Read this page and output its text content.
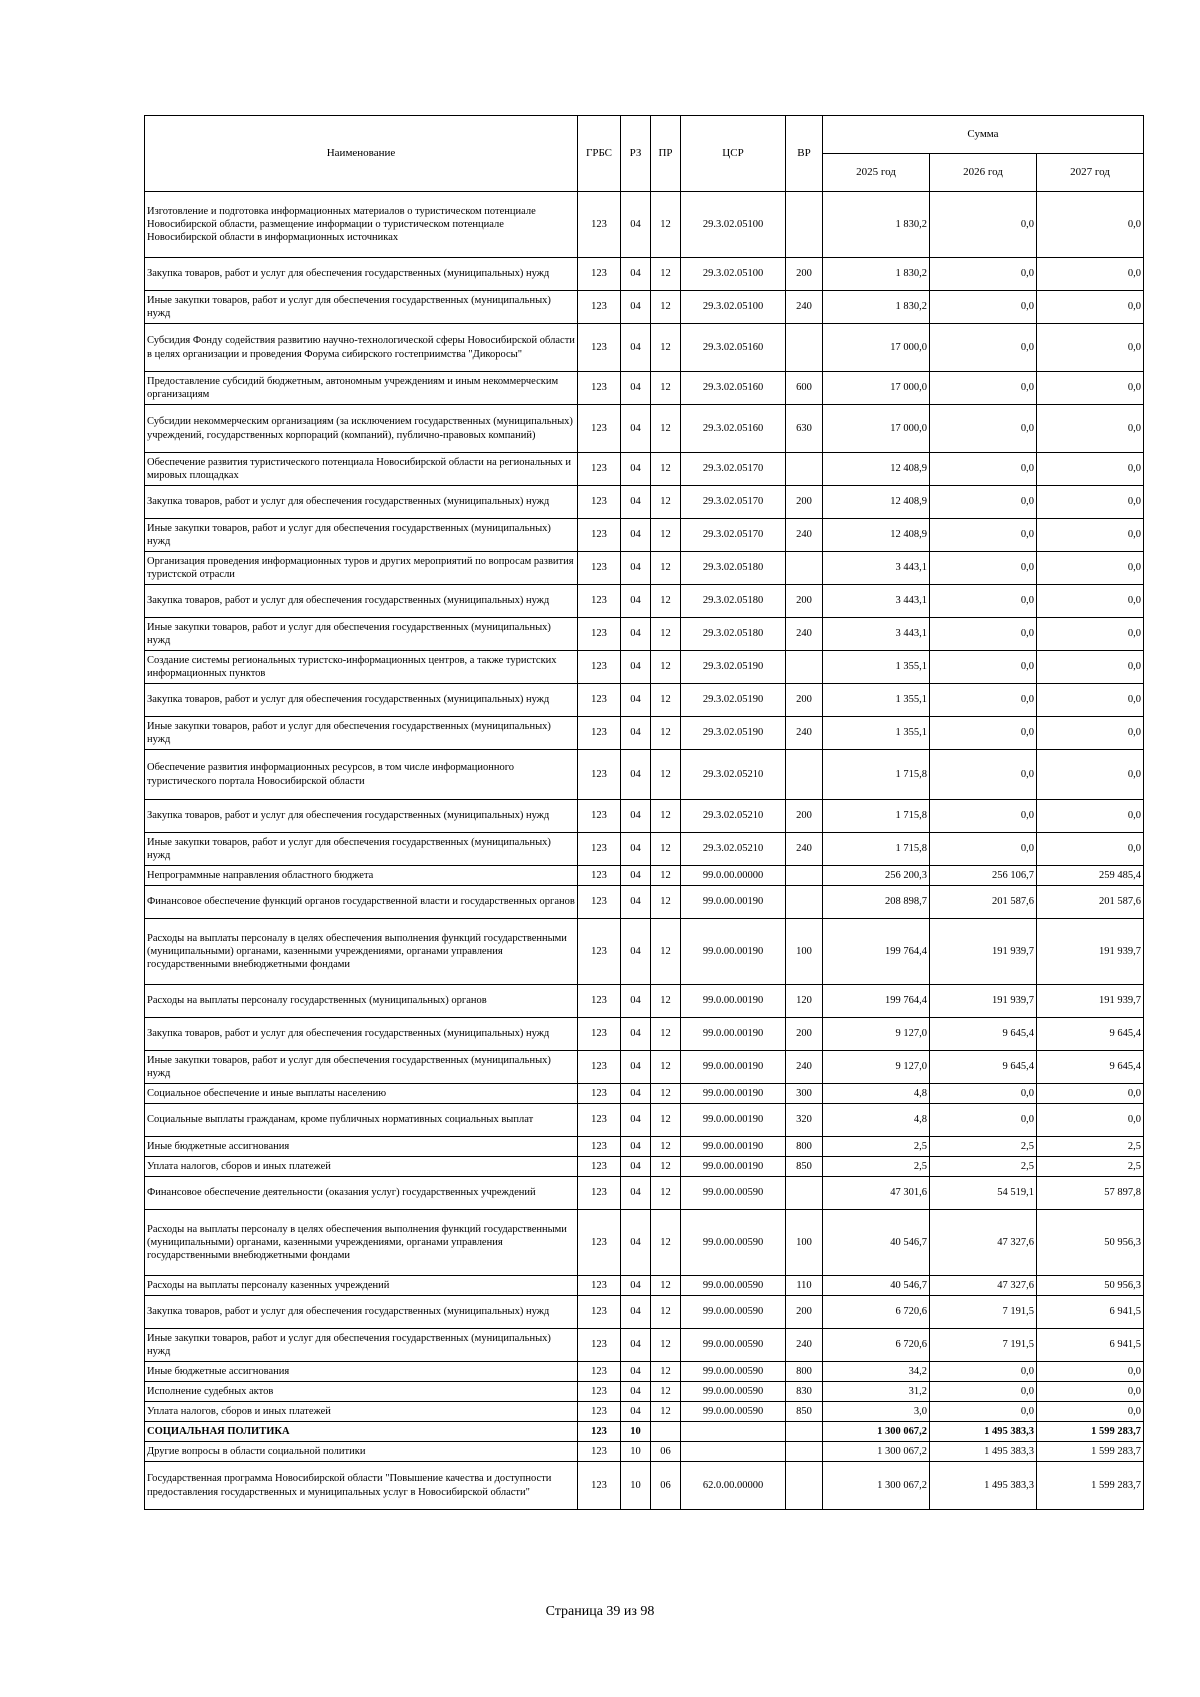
Наименование	ГРБС	РЗ	ПР	ЦСР	ВР	Сумма		
						2025 год	2026 год	2027 год
Изготовление и подготовка информационных материалов о туристическом потенциале Новосибирской области, размещение информации о туристическом потенциале Новосибирской области в информационных источниках	123	04	12	29.3.02.05100		1 830,2	0,0	0,0
Закупка товаров, работ и услуг для обеспечения государственных (муниципальных) нужд	123	04	12	29.3.02.05100	200	1 830,2	0,0	0,0
Иные закупки товаров, работ и услуг для обеспечения государственных (муниципальных) нужд	123	04	12	29.3.02.05100	240	1 830,2	0,0	0,0
Субсидия Фонду содействия развитию научно-технологической сферы Новосибирской области в целях организации и проведения Форума сибирского гостеприимства "Дикоросы"	123	04	12	29.3.02.05160		17 000,0	0,0	0,0
Предоставление субсидий бюджетным, автономным учреждениям и иным некоммерческим организациям	123	04	12	29.3.02.05160	600	17 000,0	0,0	0,0
Субсидии некоммерческим организациям (за исключением государственных (муниципальных) учреждений, государственных корпораций (компаний), публично-правовых компаний)	123	04	12	29.3.02.05160	630	17 000,0	0,0	0,0
Обеспечение развития туристического потенциала Новосибирской области на региональных и мировых площадках	123	04	12	29.3.02.05170		12 408,9	0,0	0,0
Закупка товаров, работ и услуг для обеспечения государственных (муниципальных) нужд	123	04	12	29.3.02.05170	200	12 408,9	0,0	0,0
Иные закупки товаров, работ и услуг для обеспечения государственных (муниципальных) нужд	123	04	12	29.3.02.05170	240	12 408,9	0,0	0,0
Организация проведения информационных туров и других мероприятий по вопросам развития туристской отрасли	123	04	12	29.3.02.05180		3 443,1	0,0	0,0
Закупка товаров, работ и услуг для обеспечения государственных (муниципальных) нужд	123	04	12	29.3.02.05180	200	3 443,1	0,0	0,0
Иные закупки товаров, работ и услуг для обеспечения государственных (муниципальных) нужд	123	04	12	29.3.02.05180	240	3 443,1	0,0	0,0
Создание системы региональных туристско-информационных центров, а также туристских информационных пунктов	123	04	12	29.3.02.05190		1 355,1	0,0	0,0
Закупка товаров, работ и услуг для обеспечения государственных (муниципальных) нужд	123	04	12	29.3.02.05190	200	1 355,1	0,0	0,0
Иные закупки товаров, работ и услуг для обеспечения государственных (муниципальных) нужд	123	04	12	29.3.02.05190	240	1 355,1	0,0	0,0
Обеспечение развития информационных ресурсов, в том числе информационного туристического портала Новосибирской области	123	04	12	29.3.02.05210		1 715,8	0,0	0,0
Закупка товаров, работ и услуг для обеспечения государственных (муниципальных) нужд	123	04	12	29.3.02.05210	200	1 715,8	0,0	0,0
Иные закупки товаров, работ и услуг для обеспечения государственных (муниципальных) нужд	123	04	12	29.3.02.05210	240	1 715,8	0,0	0,0
Непрограммные направления областного бюджета	123	04	12	99.0.00.00000		256 200,3	256 106,7	259 485,4
Финансовое обеспечение функций органов государственной власти и государственных органов	123	04	12	99.0.00.00190		208 898,7	201 587,6	201 587,6
Расходы на выплаты персоналу в целях обеспечения выполнения функций государственными (муниципальными) органами, казенными учреждениями, органами управления государственными внебюджетными фондами	123	04	12	99.0.00.00190	100	199 764,4	191 939,7	191 939,7
Расходы на выплаты персоналу государственных (муниципальных) органов	123	04	12	99.0.00.00190	120	199 764,4	191 939,7	191 939,7
Закупка товаров, работ и услуг для обеспечения государственных (муниципальных) нужд	123	04	12	99.0.00.00190	200	9 127,0	9 645,4	9 645,4
Иные закупки товаров, работ и услуг для обеспечения государственных (муниципальных) нужд	123	04	12	99.0.00.00190	240	9 127,0	9 645,4	9 645,4
Социальное обеспечение и иные выплаты населению	123	04	12	99.0.00.00190	300	4,8	0,0	0,0
Социальные выплаты гражданам, кроме публичных нормативных социальных выплат	123	04	12	99.0.00.00190	320	4,8	0,0	0,0
Иные бюджетные ассигнования	123	04	12	99.0.00.00190	800	2,5	2,5	2,5
Уплата налогов, сборов и иных платежей	123	04	12	99.0.00.00190	850	2,5	2,5	2,5
Финансовое обеспечение деятельности (оказания услуг) государственных учреждений	123	04	12	99.0.00.00590		47 301,6	54 519,1	57 897,8
Расходы на выплаты персоналу в целях обеспечения выполнения функций государственными (муниципальными) органами, казенными учреждениями, органами управления государственными внебюджетными фондами	123	04	12	99.0.00.00590	100	40 546,7	47 327,6	50 956,3
Расходы на выплаты персоналу казенных учреждений	123	04	12	99.0.00.00590	110	40 546,7	47 327,6	50 956,3
Закупка товаров, работ и услуг для обеспечения государственных (муниципальных) нужд	123	04	12	99.0.00.00590	200	6 720,6	7 191,5	6 941,5
Иные закупки товаров, работ и услуг для обеспечения государственных (муниципальных) нужд	123	04	12	99.0.00.00590	240	6 720,6	7 191,5	6 941,5
Иные бюджетные ассигнования	123	04	12	99.0.00.00590	800	34,2	0,0	0,0
Исполнение судебных актов	123	04	12	99.0.00.00590	830	31,2	0,0	0,0
Уплата налогов, сборов и иных платежей	123	04	12	99.0.00.00590	850	3,0	0,0	0,0
СОЦИАЛЬНАЯ ПОЛИТИКА	123	10				1 300 067,2	1 495 383,3	1 599 283,7
Другие вопросы в области социальной политики	123	10	06			1 300 067,2	1 495 383,3	1 599 283,7
Государственная программа Новосибирской области "Повышение качества и доступности предоставления государственных и муниципальных услуг в Новосибирской области"	123	10	06	62.0.00.00000		1 300 067,2	1 495 383,3	1 599 283,7
Страница 39 из 98
